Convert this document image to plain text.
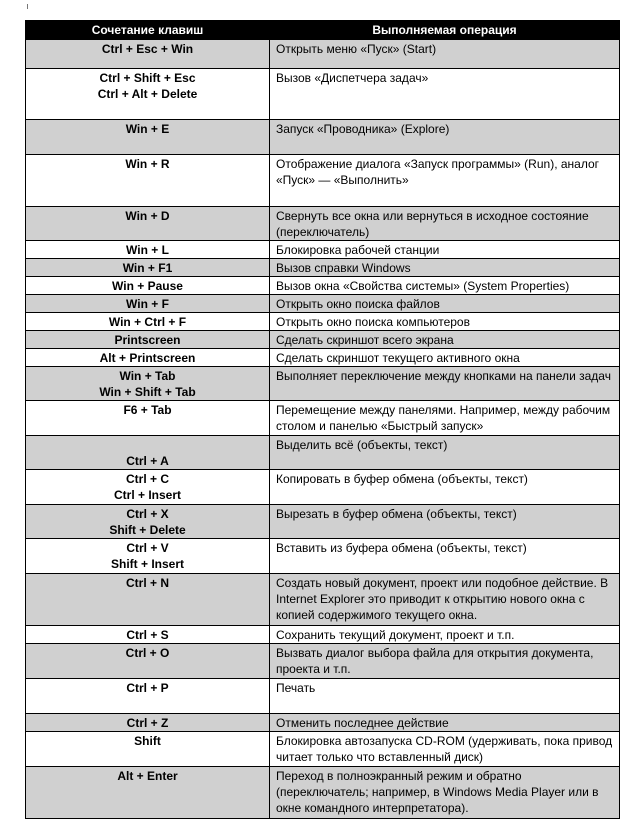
Сочетание клавиш	Выполняемая операция

Ctrl + Esc + Win	Открыть меню «Пуск» (Start)

Ctrl + Shift + Esc
Ctrl + Alt + Delete	Вызов «Диспетчера задач»

Win + E	Запуск «Проводника» (Explore)

Win + R	Отображение диалога «Запуск программы» (Run), аналог «Пуск» — «Выполнить»

Win + D	Свернуть все окна или вернуться в исходное состояние (переключатель)

Win + L	Блокировка рабочей станции

Win + F1	Вызов справки Windows

Win + Pause	Вызов окна «Свойства системы» (System Properties)

Win + F	Открыть окно поиска файлов

Win + Ctrl + F	Открыть окно поиска компьютеров

Printscreen	Сделать скриншот всего экрана

Alt + Printscreen	Сделать скриншот текущего активного окна

Win + Tab
Win + Shift + Tab	Выполняет переключение между кнопками на панели задач

F6 + Tab	Перемещение между панелями. Например, между рабочим столом и панелью «Быстрый запуск»

Ctrl + A	Выделить всё (объекты, текст)

Ctrl + C
Ctrl + Insert	Копировать в буфер обмена (объекты, текст)

Ctrl + X
Shift + Delete	Вырезать в буфер обмена (объекты, текст)

Ctrl + V
Shift + Insert	Вставить из буфера обмена (объекты, текст)

Ctrl + N	Создать новый документ, проект или подобное действие. В Internet Explorer это приводит к открытию нового окна с копией содержимого текущего окна.

Ctrl + S	Сохранить текущий документ, проект и т.п.

Ctrl + O	Вызвать диалог выбора файла для открытия документа, проекта и т.п.

Ctrl + P	Печать

Ctrl + Z	Отменить последнее действие

Shift	Блокировка автозапуска CD-ROM (удерживать, пока привод читает только что вставленный диск)

Alt + Enter	Переход в полноэкранный режим и обратно (переключатель; например, в Windows Media Player или в окне командного интерпретатора).
